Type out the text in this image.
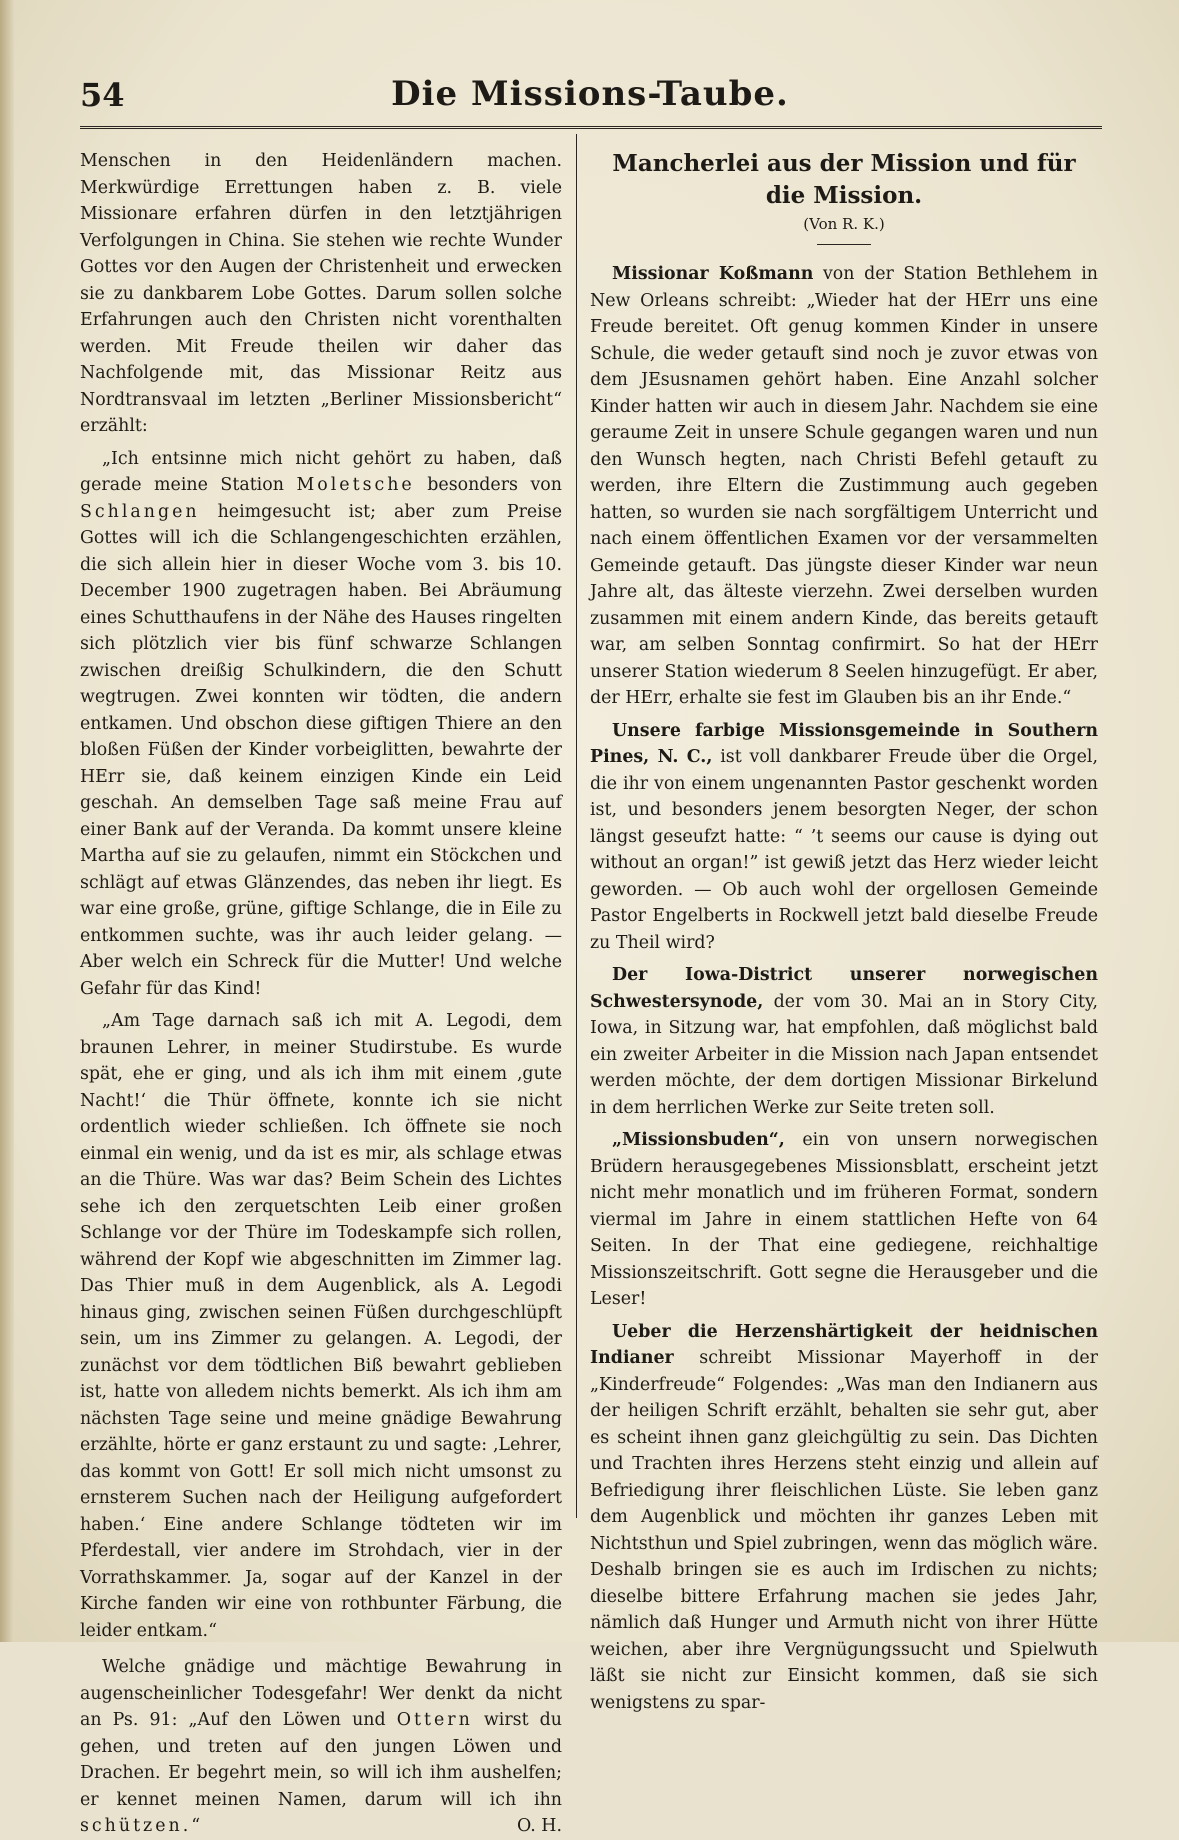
54	Die Missions-Taube.

Menschen in den Heidenländern machen. Merkwürdige Errettungen haben z. B. viele Missionare erfahren dürfen in den letztjährigen Verfolgungen in China. Sie stehen wie rechte Wunder Gottes vor den Augen der Christenheit und erwecken sie zu dankbarem Lobe Gottes. Darum sollen solche Erfahrungen auch den Christen nicht vorenthalten werden. Mit Freude theilen wir daher das Nachfolgende mit, das Missionar Reitz aus Nordtransvaal im letzten „Berliner Missionsbericht“ erzählt:

„Ich entsinne mich nicht gehört zu haben, daß gerade meine Station Moletsche besonders von Schlangen heimgesucht ist; aber zum Preise Gottes will ich die Schlangengeschichten erzählen, die sich allein hier in dieser Woche vom 3. bis 10. December 1900 zugetragen haben. Bei Abräumung eines Schutthaufens in der Nähe des Hauses ringelten sich plötzlich vier bis fünf schwarze Schlangen zwischen dreißig Schulkindern, die den Schutt wegtrugen. Zwei konnten wir tödten, die andern entkamen. Und obschon diese giftigen Thiere an den bloßen Füßen der Kinder vorbeiglitten, bewahrte der HErr sie, daß keinem einzigen Kinde ein Leid geschah. An demselben Tage saß meine Frau auf einer Bank auf der Veranda. Da kommt unsere kleine Martha auf sie zu gelaufen, nimmt ein Stöckchen und schlägt auf etwas Glänzendes, das neben ihr liegt. Es war eine große, grüne, giftige Schlange, die in Eile zu entkommen suchte, was ihr auch leider gelang. — Aber welch ein Schreck für die Mutter! Und welche Gefahr für das Kind!

„Am Tage darnach saß ich mit A. Legodi, dem braunen Lehrer, in meiner Studirstube. Es wurde spät, ehe er ging, und als ich ihm mit einem ‚gute Nacht!‘ die Thür öffnete, konnte ich sie nicht ordentlich wieder schließen. Ich öffnete sie noch einmal ein wenig, und da ist es mir, als schlage etwas an die Thüre. Was war das? Beim Schein des Lichtes sehe ich den zerquetschten Leib einer großen Schlange vor der Thüre im Todeskampfe sich rollen, während der Kopf wie abgeschnitten im Zimmer lag. Das Thier muß in dem Augenblick, als A. Legodi hinaus ging, zwischen seinen Füßen durchgeschlüpft sein, um ins Zimmer zu gelangen. A. Legodi, der zunächst vor dem tödtlichen Biß bewahrt geblieben ist, hatte von alledem nichts bemerkt. Als ich ihm am nächsten Tage seine und meine gnädige Bewahrung erzählte, hörte er ganz erstaunt zu und sagte: ‚Lehrer, das kommt von Gott! Er soll mich nicht umsonst zu ernsterem Suchen nach der Heiligung aufgefordert haben.‘ Eine andere Schlange tödteten wir im Pferdestall, vier andere im Strohdach, vier in der Vorrathskammer. Ja, sogar auf der Kanzel in der Kirche fanden wir eine von rothbunter Färbung, die leider entkam.“

Welche gnädige und mächtige Bewahrung in augenscheinlicher Todesgefahr! Wer denkt da nicht an Ps. 91: „Auf den Löwen und Ottern wirst du gehen, und treten auf den jungen Löwen und Drachen. Er begehrt mein, so will ich ihm aushelfen; er kennet meinen Namen, darum will ich ihn schützen.“	O. H.

Mancherlei aus der Mission und für die Mission.
(Von R. K.)

Missionar Koßmann von der Station Bethlehem in New Orleans schreibt: „Wieder hat der HErr uns eine Freude bereitet. Oft genug kommen Kinder in unsere Schule, die weder getauft sind noch je zuvor etwas von dem JEsusnamen gehört haben. Eine Anzahl solcher Kinder hatten wir auch in diesem Jahr. Nachdem sie eine geraume Zeit in unsere Schule gegangen waren und nun den Wunsch hegten, nach Christi Befehl getauft zu werden, ihre Eltern die Zustimmung auch gegeben hatten, so wurden sie nach sorgfältigem Unterricht und nach einem öffentlichen Examen vor der versammelten Gemeinde getauft. Das jüngste dieser Kinder war neun Jahre alt, das älteste vierzehn. Zwei derselben wurden zusammen mit einem andern Kinde, das bereits getauft war, am selben Sonntag confirmirt. So hat der HErr unserer Station wiederum 8 Seelen hinzugefügt. Er aber, der HErr, erhalte sie fest im Glauben bis an ihr Ende.“

Unsere farbige Missionsgemeinde in Southern Pines, N. C., ist voll dankbarer Freude über die Orgel, die ihr von einem ungenannten Pastor geschenkt worden ist, und besonders jenem besorgten Neger, der schon längst geseufzt hatte: “ ’t seems our cause is dying out without an organ!” ist gewiß jetzt das Herz wieder leicht geworden. — Ob auch wohl der orgellosen Gemeinde Pastor Engelberts in Rockwell jetzt bald dieselbe Freude zu Theil wird?

Der Iowa-District unserer norwegischen Schwestersynode, der vom 30. Mai an in Story City, Iowa, in Sitzung war, hat empfohlen, daß möglichst bald ein zweiter Arbeiter in die Mission nach Japan entsendet werden möchte, der dem dortigen Missionar Birkelund in dem herrlichen Werke zur Seite treten soll.

„Missionsbuden“, ein von unsern norwegischen Brüdern herausgegebenes Missionsblatt, erscheint jetzt nicht mehr monatlich und im früheren Format, sondern viermal im Jahre in einem stattlichen Hefte von 64 Seiten. In der That eine gediegene, reichhaltige Missionszeitschrift. Gott segne die Herausgeber und die Leser!

Ueber die Herzenshärtigkeit der heidnischen Indianer schreibt Missionar Mayerhoff in der „Kinderfreude“ Folgendes: „Was man den Indianern aus der heiligen Schrift erzählt, behalten sie sehr gut, aber es scheint ihnen ganz gleichgültig zu sein. Das Dichten und Trachten ihres Herzens steht einzig und allein auf Befriedigung ihrer fleischlichen Lüste. Sie leben ganz dem Augenblick und möchten ihr ganzes Leben mit Nichtsthun und Spiel zubringen, wenn das möglich wäre. Deshalb bringen sie es auch im Irdischen zu nichts; dieselbe bittere Erfahrung machen sie jedes Jahr, nämlich daß Hunger und Armuth nicht von ihrer Hütte weichen, aber ihre Vergnügungssucht und Spielwuth läßt sie nicht zur Einsicht kommen, daß sie sich wenigstens zu spar-
